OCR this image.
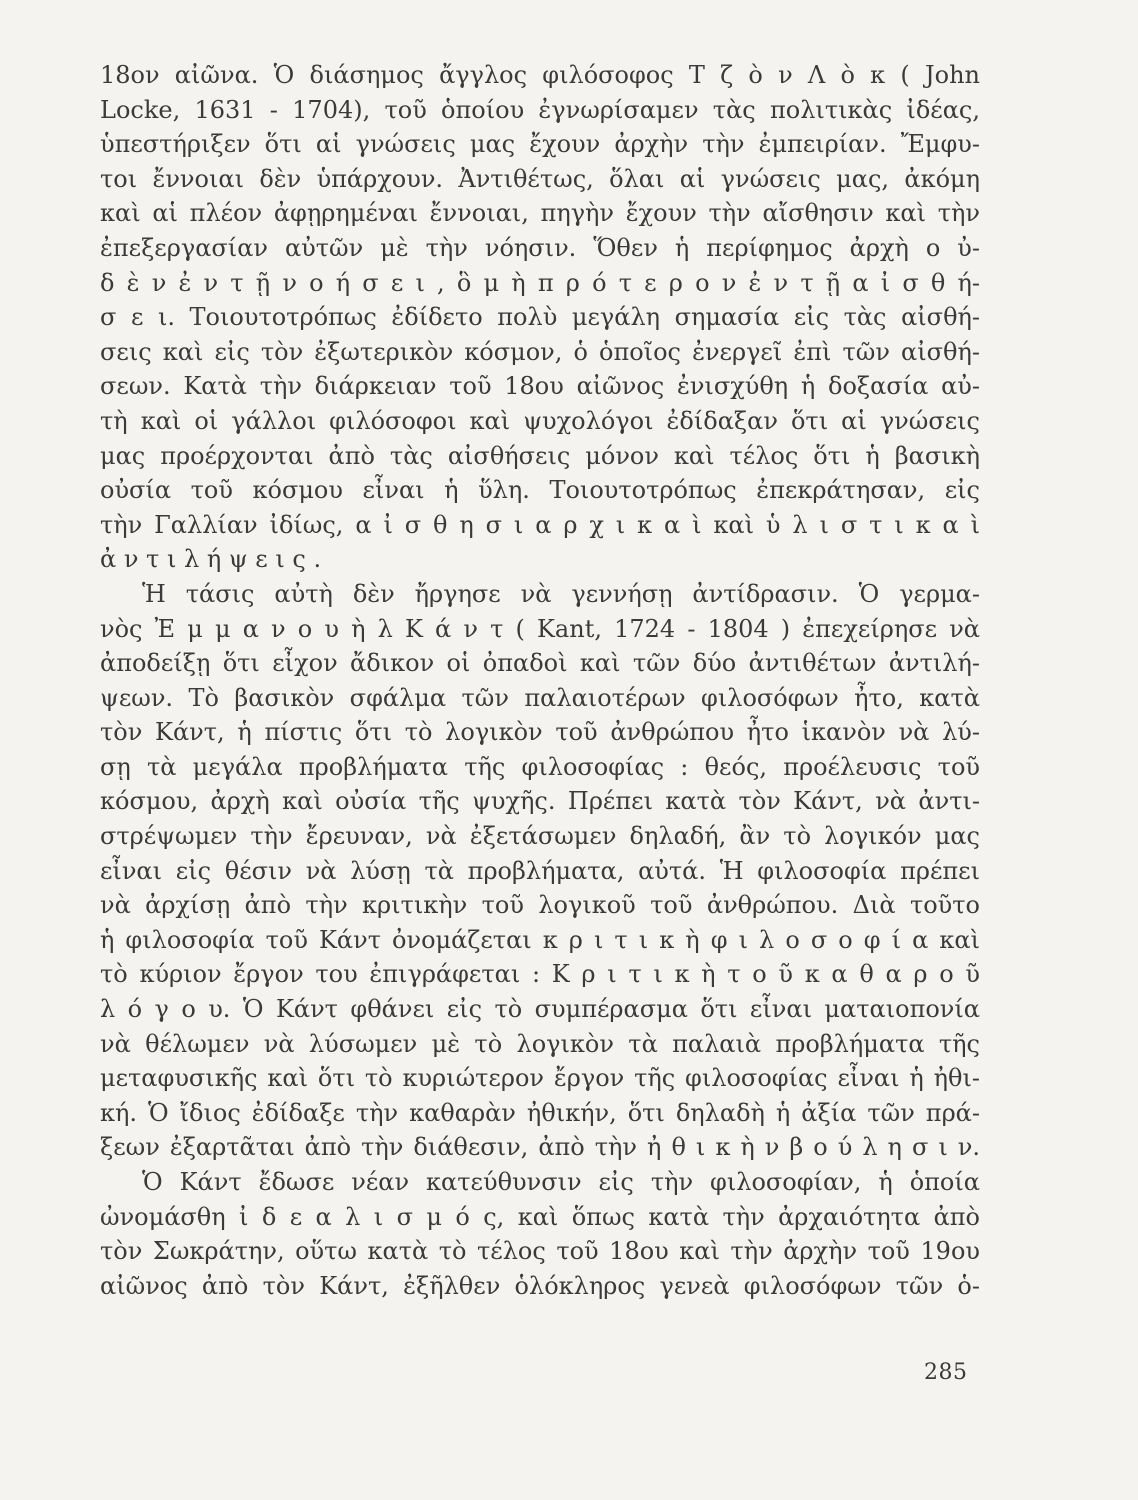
18ον αἰῶνα. Ὁ διάσημος ἄγγλος φιλόσοφος Τ ζ ὸ ν Λ ὸ κ ( John
Locke, 1631 - 1704), τοῦ ὁποίου ἐγνωρίσαμεν τὰς πολιτικὰς ἰδέας,
ὑπεστήριξεν ὅτι αἱ γνώσεις μας ἔχουν ἀρχὴν τὴν ἐμπειρίαν. Ἔμφυ-
τοι ἔννοιαι δὲν ὑπάρχουν. Ἀντιθέτως, ὅλαι αἱ γνώσεις μας, ἀκόμη
καὶ αἱ πλέον ἀφῃρημέναι ἔννοιαι, πηγὴν ἔχουν τὴν αἴσθησιν καὶ τὴν
ἐπεξεργασίαν αὐτῶν μὲ τὴν νόησιν. Ὅθεν ἡ περίφημος ἀρχὴ ο ὐ-
δ ὲ ν ἐ ν τ ῇ ν ο ή σ ε ι , ὃ μ ὴ π ρ ό τ ε ρ ο ν ἐ ν τ ῇ α ἰ σ θ ή-
σ ε ι. Τοιουτοτρόπως ἐδίδετο πολὺ μεγάλη σημασία εἰς τὰς αἰσθή-
σεις καὶ εἰς τὸν ἐξωτερικὸν κόσμον, ὁ ὁποῖος ἐνεργεῖ ἐπὶ τῶν αἰσθή-
σεων. Κατὰ τὴν διάρκειαν τοῦ 18ου αἰῶνος ἐνισχύθη ἡ δοξασία αὐ-
τὴ καὶ οἱ γάλλοι φιλόσοφοι καὶ ψυχολόγοι ἐδίδαξαν ὅτι αἱ γνώσεις
μας προέρχονται ἀπὸ τὰς αἰσθήσεις μόνον καὶ τέλος ὅτι ἡ βασικὴ
οὐσία τοῦ κόσμου εἶναι ἡ ὕλη. Τοιουτοτρόπως ἐπεκράτησαν, εἰς
τὴν Γαλλίαν ἰδίως, α ἰ σ θ η σ ι α ρ χ ι κ α ὶ καὶ ὑ λ ι σ τ ι κ α ὶ
ἀ ν τ ι λ ή ψ ε ι ς .
Ἡ τάσις αὐτὴ δὲν ἤργησε νὰ γεννήσῃ ἀντίδρασιν. Ὁ γερμα-
νὸς Ἐ μ μ α ν ο υ ὴ λ Κ ά ν τ ( Kant, 1724 - 1804 ) ἐπεχείρησε νὰ
ἀποδείξῃ ὅτι εἶχον ἄδικον οἱ ὀπαδοὶ καὶ τῶν δύο ἀντιθέτων ἀντιλή-
ψεων. Τὸ βασικὸν σφάλμα τῶν παλαιοτέρων φιλοσόφων ἦτο, κατὰ
τὸν Κάντ, ἡ πίστις ὅτι τὸ λογικὸν τοῦ ἀνθρώπου ἦτο ἱκανὸν νὰ λύ-
σῃ τὰ μεγάλα προβλήματα τῆς φιλοσοφίας : θεός, προέλευσις τοῦ
κόσμου, ἀρχὴ καὶ οὐσία τῆς ψυχῆς. Πρέπει κατὰ τὸν Κάντ, νὰ ἀντι-
στρέψωμεν τὴν ἔρευναν, νὰ ἐξετάσωμεν δηλαδή, ἂν τὸ λογικόν μας
εἶναι εἰς θέσιν νὰ λύσῃ τὰ προβλήματα, αὐτά. Ἡ φιλοσοφία πρέπει
νὰ ἀρχίσῃ ἀπὸ τὴν κριτικὴν τοῦ λογικοῦ τοῦ ἀνθρώπου. Διὰ τοῦτο
ἡ φιλοσοφία τοῦ Κάντ ὀνομάζεται κ ρ ι τ ι κ ὴ φ ι λ ο σ ο φ ί α καὶ
τὸ κύριον ἔργον του ἐπιγράφεται : Κ ρ ι τ ι κ ὴ τ ο ῦ κ α θ α ρ ο ῦ
λ ό γ ο υ. Ὁ Κάντ φθάνει εἰς τὸ συμπέρασμα ὅτι εἶναι ματαιοπονία
νὰ θέλωμεν νὰ λύσωμεν μὲ τὸ λογικὸν τὰ παλαιὰ προβλήματα τῆς
μεταφυσικῆς καὶ ὅτι τὸ κυριώτερον ἔργον τῆς φιλοσοφίας εἶναι ἡ ἠθι-
κή. Ὁ ἴδιος ἐδίδαξε τὴν καθαρὰν ἠθικήν, ὅτι δηλαδὴ ἡ ἀξία τῶν πρά-
ξεων ἐξαρτᾶται ἀπὸ τὴν διάθεσιν, ἀπὸ τὴν ἠ θ ι κ ὴ ν β ο ύ λ η σ ι ν.
Ὁ Κάντ ἔδωσε νέαν κατεύθυνσιν εἰς τὴν φιλοσοφίαν, ἡ ὁποία
ὠνομάσθη ἰ δ ε α λ ι σ μ ό ς, καὶ ὅπως κατὰ τὴν ἀρχαιότητα ἀπὸ
τὸν Σωκράτην, οὕτω κατὰ τὸ τέλος τοῦ 18ου καὶ τὴν ἀρχὴν τοῦ 19ου
αἰῶνος ἀπὸ τὸν Κάντ, ἐξῆλθεν ὁλόκληρος γενεὰ φιλοσόφων τῶν ὁ-
285
